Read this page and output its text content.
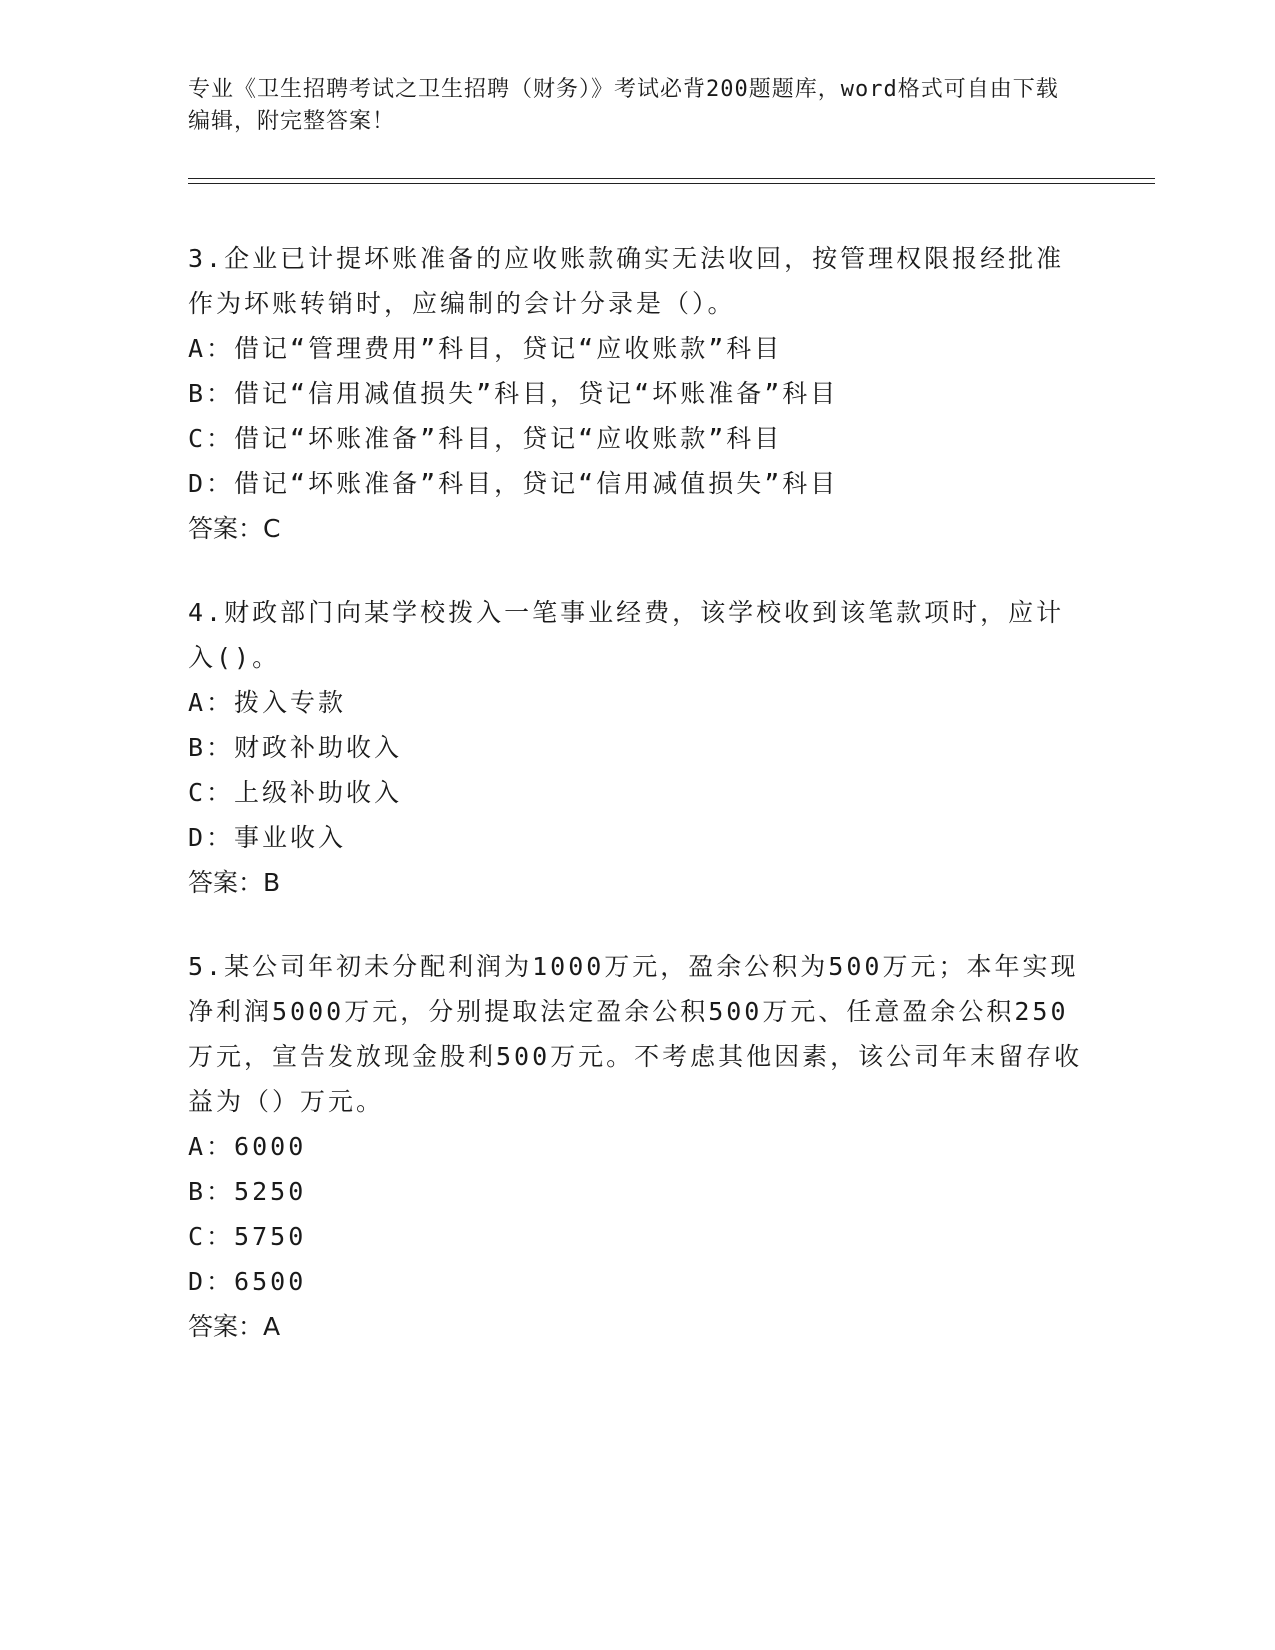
专业《卫生招聘考试之卫生招聘（财务）》考试必背200题题库，word格式可自由下载编辑，附完整答案！
3.企业已计提坏账准备的应收账款确实无法收回，按管理权限报经批准作为坏账转销时，应编制的会计分录是（）。
A：借记“管理费用”科目，贷记“应收账款”科目
B：借记“信用减值损失”科目，贷记“坏账准备”科目
C：借记“坏账准备”科目，贷记“应收账款”科目
D：借记“坏账准备”科目，贷记“信用减值损失”科目
答案：C
4.财政部门向某学校拨入一笔事业经费，该学校收到该笔款项时，应计入()。
A：拨入专款
B：财政补助收入
C：上级补助收入
D：事业收入
答案：B
5.某公司年初未分配利润为1000万元，盈余公积为500万元；本年实现净利润5000万元，分别提取法定盈余公积500万元、任意盈余公积250万元，宣告发放现金股利500万元。不考虑其他因素，该公司年末留存收益为（）万元。
A：6000
B：5250
C：5750
D：6500
答案：A
